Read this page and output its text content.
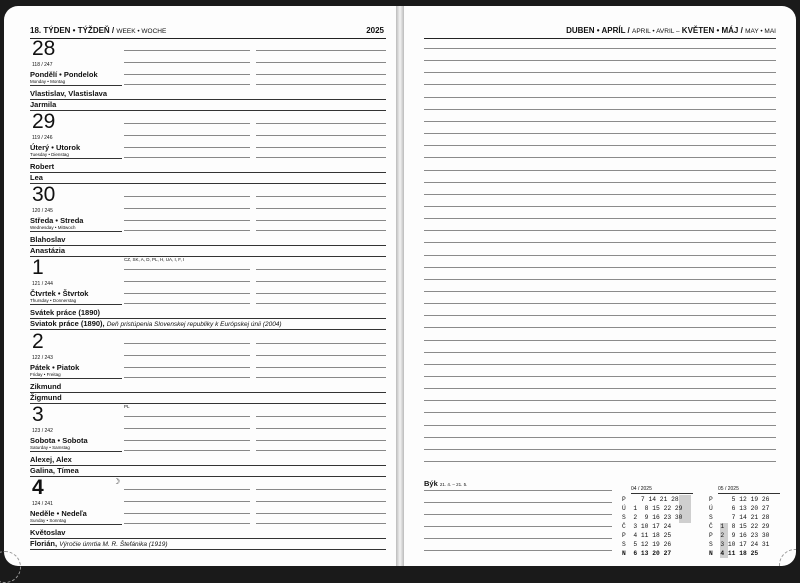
18. TÝDEN • TÝŽDEŇ / WEEK • WOCHE	2025
28
118 / 247
Pondělí • Pondelok
Monday • Montag
Vlastislav, Vlastislava
Jarmila
29
119 / 246
Úterý • Utorok
Tuesday • Dienstag
Robert
Lea
30
120 / 245
Středa • Streda
Wednesday • Mittwoch
Blahoslav
Anastázia
1
121 / 244
Čtvrtek • Štvrtok
Thursday • Donnerstag
CZ, SK, A, D, PL, H, UA, I, F, I
Svátek práce (1890)
Sviatok práce (1890), Deň pristúpenia Slovenskej republiky k Európskej únii (2004)
2
122 / 243
Pátek • Piatok
Friday • Freitag
Zikmund
Žigmund
3
123 / 242
Sobota • Sobota
Saturday • Samstag
PL
Alexej, Alex
Galina, Tímea
4
124 / 241
Neděle • Nedeľa
Sunday • Sonntag
☽
Květoslav
Florián, Výročie úmrtia M. R. Štefánika (1919)
DUBEN • APRÍL / APRIL • AVRIL – KVĚTEN • MÁJ / MAY • MAI
Býk 21. 4. – 21. 5.
04 / 2025
P    7 14 21 28
Ú  1  8 15 22 29
S  2  9 16 23 30
Č  3 10 17 24
P  4 11 18 25
S  5 12 19 26
N  6 13 20 27
05 / 2025
P     5 12 19 26
Ú     6 13 20 27
S     7 14 21 28
Č  1  8 15 22 29
P  2  9 16 23 30
S  3 10 17 24 31
N  4 11 18 25
